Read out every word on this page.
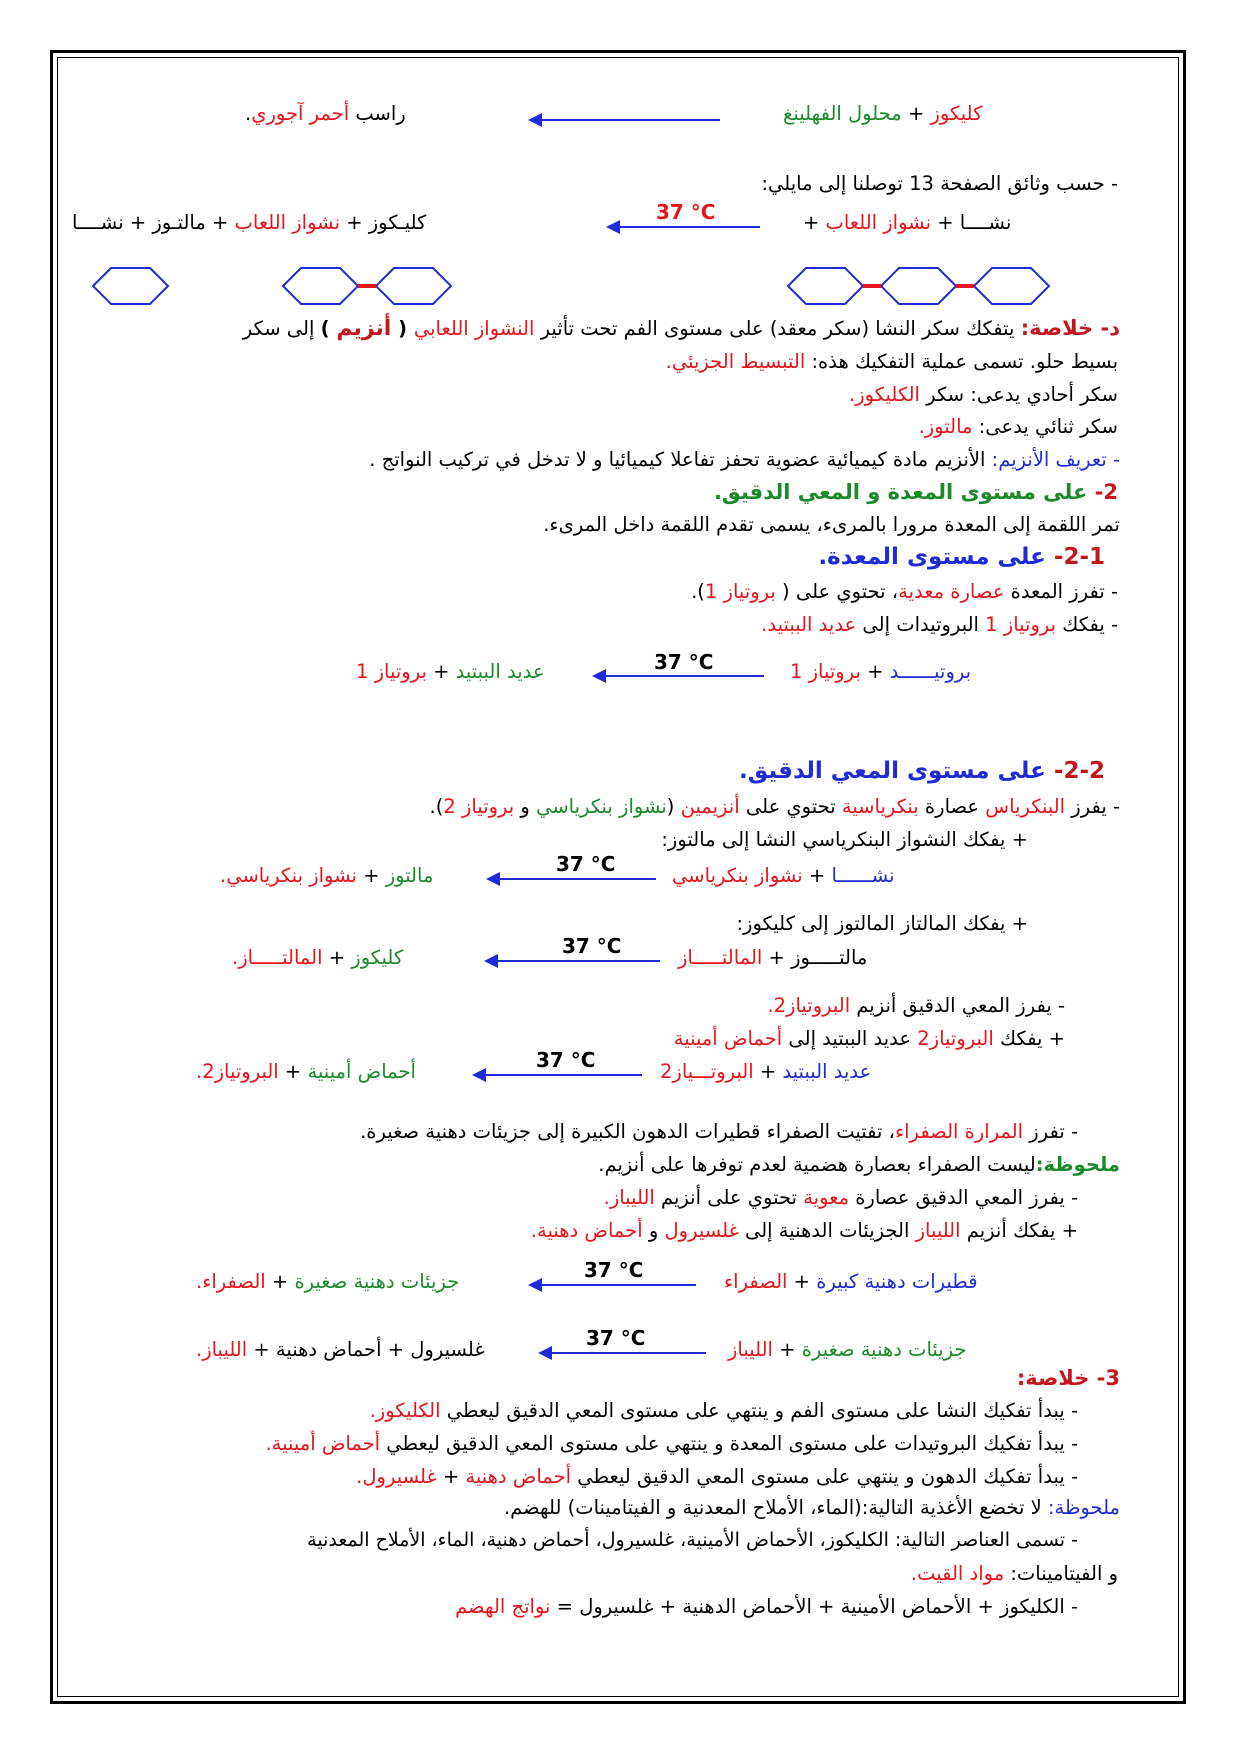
راسب أحمر آجوري.	كليكوز + محلول الفهلينغ
- حسب وثائق الصفحة 13 توصلنا إلى مايلي:
كليـكوز + نشواز اللعاب + مالتـوز + نشــــا	37 °C	نشــــا + نشواز اللعاب +
د- خلاصة: يتفكك سكر النشا (سكر معقد) على مستوى الفم تحت تأثير النشواز اللعابي ( أنزيم ) إلى سكر
بسيط حلو. تسمى عملية التفكيك هذه: التبسيط الجزيئي.
سكر أحادي يدعى: سكر الكليكوز.
سكر ثنائي يدعى: مالتوز.
- تعريف الأنزيم: الأنزيم مادة كيميائية عضوية تحفز تفاعلا كيميائيا و لا تدخل في تركيب النواتج .
2- على مستوى المعدة و المعي الدقيق.
تمر اللقمة إلى المعدة مرورا بالمرىء، يسمى تقدم اللقمة داخل المرىء.
2-1- على مستوى المعدة.
- تفرز المعدة عصارة معدية، تحتوي على ( بروتياز 1).
- يفكك بروتياز 1 البروتيدات إلى عديد الببتيد.
عديد الببتيد + بروتياز 1	37 °C	بروتيــــــد + بروتياز 1
2-2- على مستوى المعي الدقيق.
- يفرز البنكرياس عصارة بنكرياسية تحتوي على أنزيمين (نشواز بنكرياسي و بروتياز 2).
+ يفكك النشواز البنكرياسي النشا إلى مالتوز:
مالتوز + نشواز بنكرياسي.	37 °C	نشــــــا + نشواز بنكرياسي
+ يفكك المالتاز المالتوز إلى كليكوز:
كليكوز + المالتـــــاز.	37 °C	مالتـــــوز + المالتـــــاز
- يفرز المعي الدقيق أنزيم البروتياز2.
+ يفكك البروتياز2 عديد الببتيد إلى أحماض أمينية
أحماض أمينية + البروتياز2.	37 °C	عديد الببتيد + البروتـــياز2
- تفرز المرارة الصفراء، تفتيت الصفراء قطيرات الدهون الكبيرة إلى جزيئات دهنية صغيرة.
ملحوظة:ليست الصفراء بعصارة هضمية لعدم توفرها على أنزيم.
- يفرز المعي الدقيق عصارة معوية تحتوي على أنزيم الليباز.
+ يفكك أنزيم الليباز الجزيئات الدهنية إلى غلسيرول و أحماض دهنية.
جزيئات دهنية صغيرة + الصفراء.	37 °C	قطيرات دهنية كبيرة + الصفراء
غلسيرول + أحماض دهنية + الليباز.	37 °C	جزيئات دهنية صغيرة + الليباز
3- خلاصة:
- يبدأ تفكيك النشا على مستوى الفم و ينتهي على مستوى المعي الدقيق ليعطي الكليكوز.
- يبدأ تفكيك البروتيدات على مستوى المعدة و ينتهي على مستوى المعي الدقيق ليعطي أحماض أمينية.
- يبدأ تفكيك الدهون و ينتهي على مستوى المعي الدقيق ليعطي أحماض دهنية + غلسيرول.
ملحوظة: لا تخضع الأغذية التالية:(الماء، الأملاح المعدنية و الفيتامينات) للهضم.
- تسمى العناصر التالية: الكليكوز، الأحماض الأمينية، غلسيرول، أحماض دهنية، الماء، الأملاح المعدنية
و الفيتامينات: مواد القيت.
- الكليكوز + الأحماض الأمينية + الأحماض الدهنية + غلسيرول = نواتج الهضم
